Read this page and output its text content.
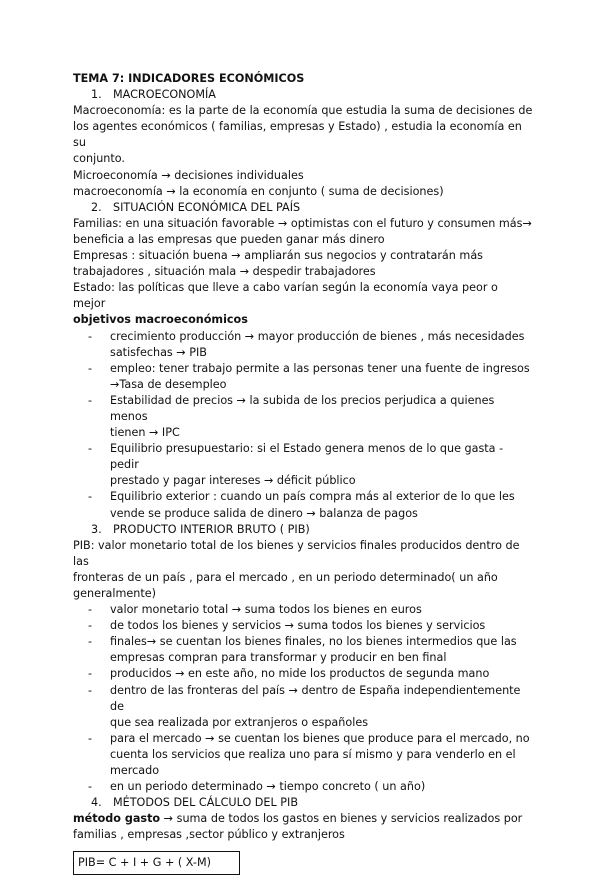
TEMA 7: INDICADORES ECONÓMICOS
1.	MACROECONOMÍA
Macroeconomía: es la parte de la economía que estudia la suma de decisiones de
los agentes económicos ( familias, empresas y Estado) , estudia la economía en su
conjunto.
Microeconomía → decisiones individuales
macroeconomía → la economía en conjunto ( suma de decisiones)
2.	SITUACIÓN ECONÓMICA DEL PAÍS
Familias: en una situación favorable → optimistas con el futuro y consumen más→
beneficia a las empresas que pueden ganar más dinero
Empresas : situación buena → ampliarán sus negocios y contratarán más
trabajadores , situación mala → despedir trabajadores
Estado: las políticas que lleve a cabo varían según la economía vaya peor o mejor
objetivos macroeconómicos
-	crecimiento producción → mayor producción de bienes , más necesidades
satisfechas → PIB
-	empleo: tener trabajo permite a las personas tener una fuente de ingresos
→Tasa de desempleo
-	Estabilidad de precios → la subida de los precios perjudica a quienes menos
tienen → IPC
-	Equilibrio presupuestario: si el Estado genera menos de lo que gasta - pedir
prestado y pagar intereses → déficit público
-	Equilibrio exterior : cuando un país compra más al exterior de lo que les
vende se produce salida de dinero → balanza de pagos
3.	PRODUCTO INTERIOR BRUTO ( PIB)
PIB: valor monetario total de los bienes y servicios finales producidos dentro de las
fronteras de un país , para el mercado , en un periodo determinado( un año
generalmente)
-	valor monetario total → suma todos los bienes en euros
-	de todos los bienes y servicios → suma todos los bienes y servicios
-	finales→ se cuentan los bienes finales, no los bienes intermedios que las
empresas compran para transformar y producir en ben final
-	producidos → en este año, no mide los productos de segunda mano
-	dentro de las fronteras del país → dentro de España independientemente de
que sea realizada por extranjeros o españoles
-	para el mercado → se cuentan los bienes que produce para el mercado, no
cuenta los servicios que realiza uno para sí mismo y para venderlo en el
mercado
-	en un periodo determinado → tiempo concreto ( un año)
4.	MÉTODOS DEL CÁLCULO DEL PIB
método gasto → suma de todos los gastos en bienes y servicios realizados por
familias , empresas ,sector público y extranjeros
PIB= C + I + G + ( X-M)
